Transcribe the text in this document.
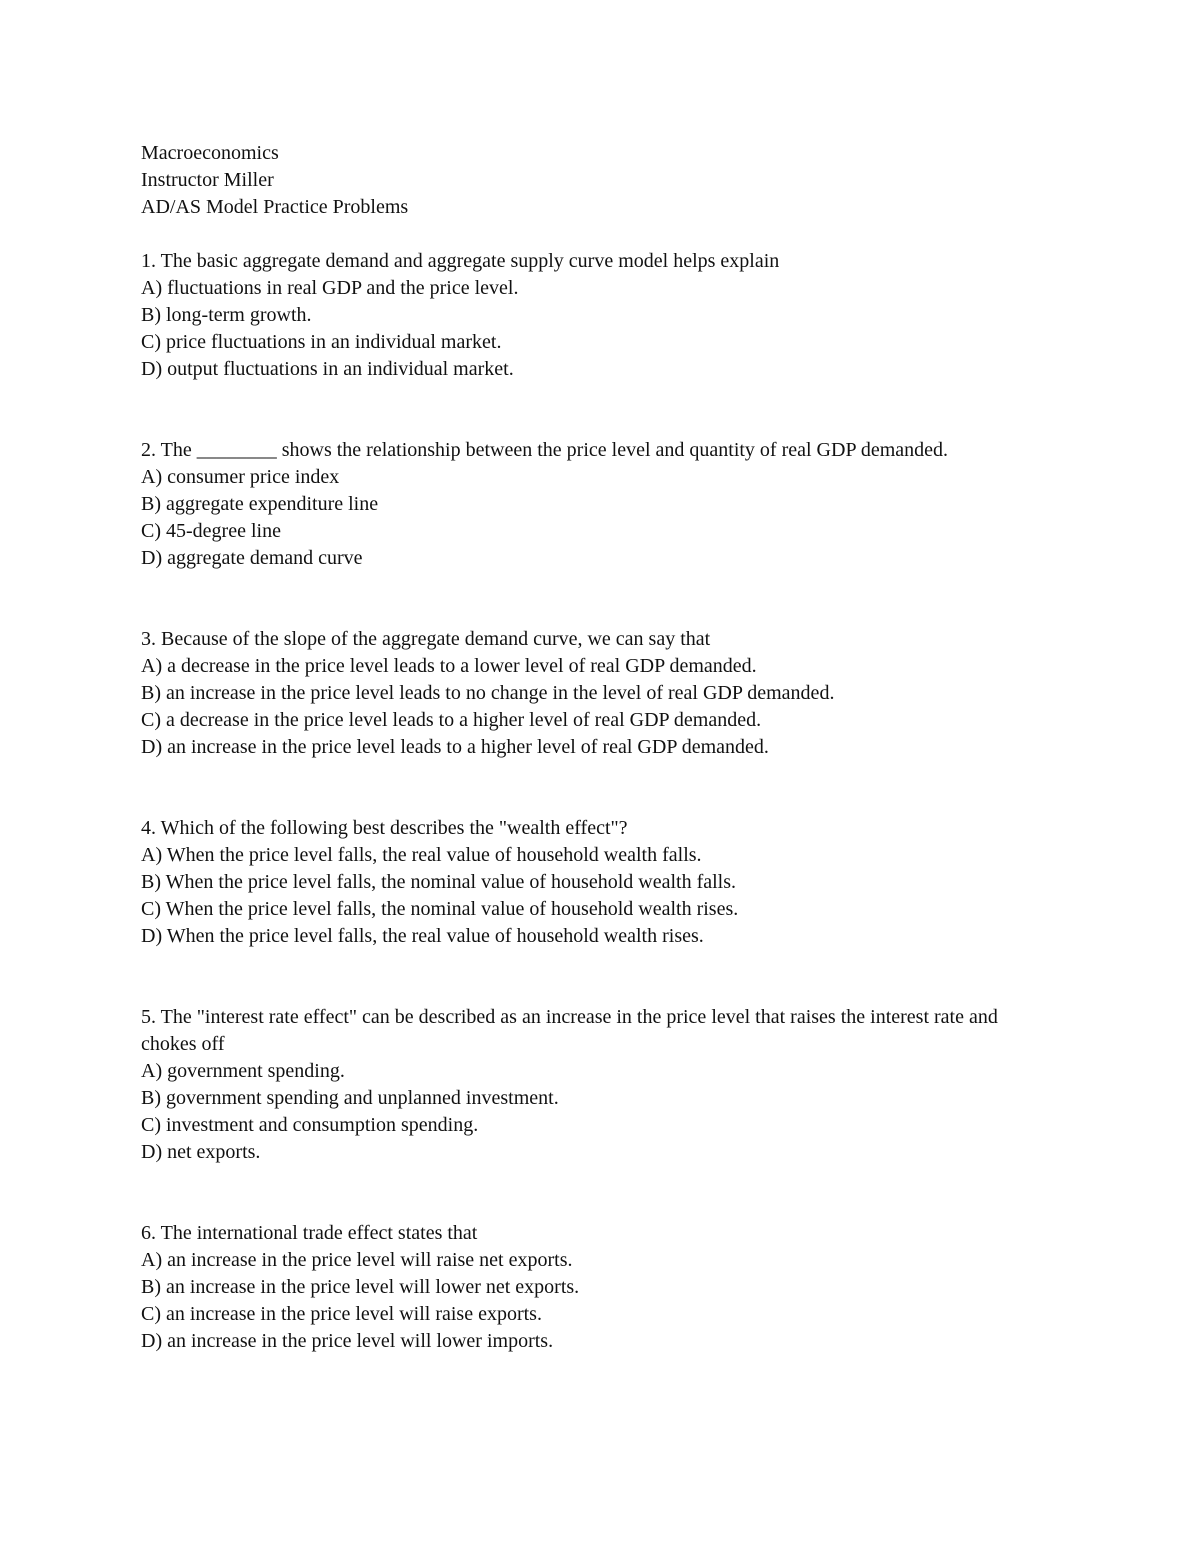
Macroeconomics
Instructor Miller
AD/AS Model Practice Problems
1. The basic aggregate demand and aggregate supply curve model helps explain
A) fluctuations in real GDP and the price level.
B) long-term growth.
C) price fluctuations in an individual market.
D) output fluctuations in an individual market.
2. The ________ shows the relationship between the price level and quantity of real GDP demanded.
A) consumer price index
B) aggregate expenditure line
C) 45-degree line
D) aggregate demand curve
3. Because of the slope of the aggregate demand curve, we can say that
A) a decrease in the price level leads to a lower level of real GDP demanded.
B) an increase in the price level leads to no change in the level of real GDP demanded.
C) a decrease in the price level leads to a higher level of real GDP demanded.
D) an increase in the price level leads to a higher level of real GDP demanded.
4. Which of the following best describes the "wealth effect"?
A) When the price level falls, the real value of household wealth falls.
B) When the price level falls, the nominal value of household wealth falls.
C) When the price level falls, the nominal value of household wealth rises.
D) When the price level falls, the real value of household wealth rises.
5. The "interest rate effect" can be described as an increase in the price level that raises the interest rate and chokes off
A) government spending.
B) government spending and unplanned investment.
C) investment and consumption spending.
D) net exports.
6. The international trade effect states that
A) an increase in the price level will raise net exports.
B) an increase in the price level will lower net exports.
C) an increase in the price level will raise exports.
D) an increase in the price level will lower imports.
